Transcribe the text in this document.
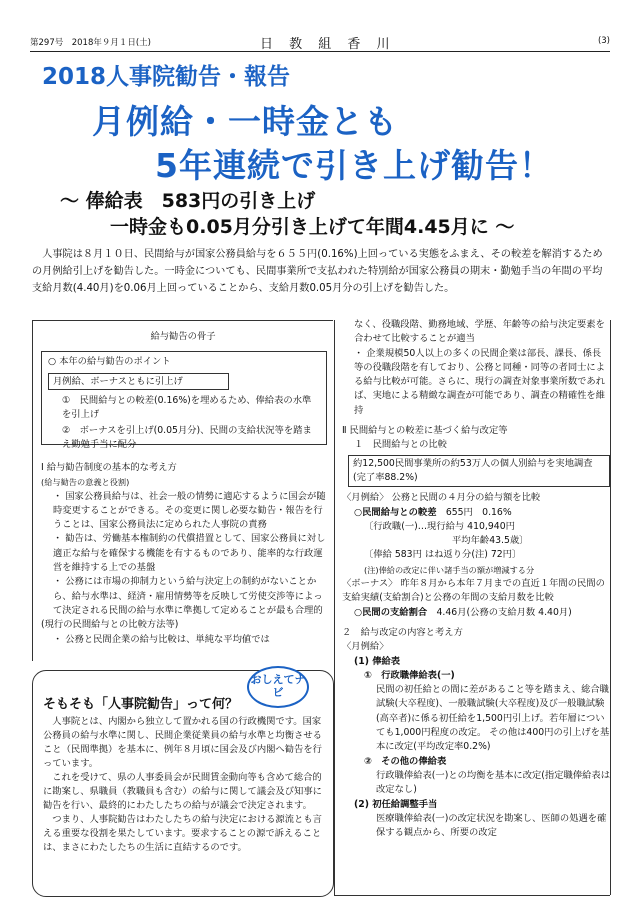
第297号　2018年９月１日(土)	日 教 組 香 川	(3)
2018人事院勧告・報告
月例給・一時金とも
5年連続で引き上げ勧告！
～ 俸給表　583円の引き上げ
一時金も0.05月分引き上げて年間4.45月に ～
人事院は８月１０日、民間給与が国家公務員給与を６５５円(0.16%)上回っている実態をふまえ、その較差を解消するための月例給引上げを勧告した。一時金についても、民間事業所で支払われた特別給が国家公務員の期末・勤勉手当の年間の平均支給月数(4.40月)を0.06月上回っていることから、支給月数0.05月分の引上げを勧告した。
給与勧告の骨子
○ 本年の給与勧告のポイント
月例給、ボーナスともに引上げ
①　民間給与との較差(0.16%)を埋めるため、俸給表の水準を引上げ
②　ボーナスを引上げ(0.05月分)、民間の支給状況等を踏まえ勤勉手当に配分

Ⅰ 給与勧告制度の基本的な考え方

(給与勧告の意義と役割)

・ 国家公務員給与は、社会一般の情勢に適応するように国会が随時変更することができる。その変更に関し必要な勧告・報告を行うことは、国家公務員法に定められた人事院の責務

・ 勧告は、労働基本権制約の代償措置として、国家公務員に対し適正な給与を確保する機能を有するものであり、能率的な行政運営を維持する上での基盤

・ 公務には市場の抑制力という給与決定上の制約がないことから、給与水準は、経済・雇用情勢等を反映して労使交渉等によって決定される民間の給与水準に準拠して定めることが最も合理的

(現行の民間給与との比較方法等)

・ 公務と民間企業の給与比較は、単純な平均値では

おしえてナビ
そもそも「人事院勧告」って何？

人事院とは、内閣から独立して置かれる国の行政機関です。国家公務員の給与水準に関し、民間企業従業員の給与水準と均衡させること（民間準拠）を基本に、例年８月頃に国会及び内閣へ勧告を行っています。

これを受けて、県の人事委員会が民間賃金動向等も含めて総合的に勘案し、県職員（教職員も含む）の給与に関して議会及び知事に勧告を行い、最終的にわたしたちの給与が議会で決定されます。

つまり、人事院勧告はわたしたちの給与決定における源流とも言える重要な役割を果たしています。要求することの源で訴えることは、まさにわたしたちの生活に直結するのです。

なく、役職段階、勤務地域、学歴、年齢等の給与決定要素を合わせて比較することが適当

・ 企業規模50人以上の多くの民間企業は部長、課長、係長等の役職段階を有しており、公務と同種・同等の者同士による給与比較が可能。さらに、現行の調査対象事業所数であれば、実地による精緻な調査が可能であり、調査の精確性を維持

Ⅱ 民間給与との較差に基づく給与改定等

１　民間給与との比較

約12,500民間事業所の約53万人の個人別給与を実地調査(完了率88.2%)

〈月例給〉 公務と民間の４月分の給与額を比較

○民間給与との較差　 655円　0.16%

〔行政職(一)…現行給与 410,940円

平均年齢43.5歳〕

〔俸給 583円 はね返り分(注) 72円〕

(注)俸給の改定に伴い諸手当の額が増減する分

〈ボーナス〉 昨年８月から本年７月までの直近１年間の民間の支給実績(支給割合)と公務の年間の支給月数を比較

○民間の支給割合　 4.46月(公務の支給月数 4.40月)

２　給与改定の内容と考え方

〈月例給〉

(1) 俸給表

①　行政職俸給表(一)

民間の初任給との間に差があること等を踏まえ、総合職試験(大卒程度)、一般職試験(大卒程度)及び一般職試験(高卒者)に係る初任給を1,500円引上げ。若年層についても1,000円程度の改定。 その他は400円の引上げを基本に改定(平均改定率0.2%)

②　その他の俸給表

行政職俸給表(一)との均衡を基本に改定(指定職俸給表は改定なし)

(2) 初任給調整手当

医療職俸給表(一)の改定状況を勘案し、医師の処遇を確保する観点から、所要の改定
